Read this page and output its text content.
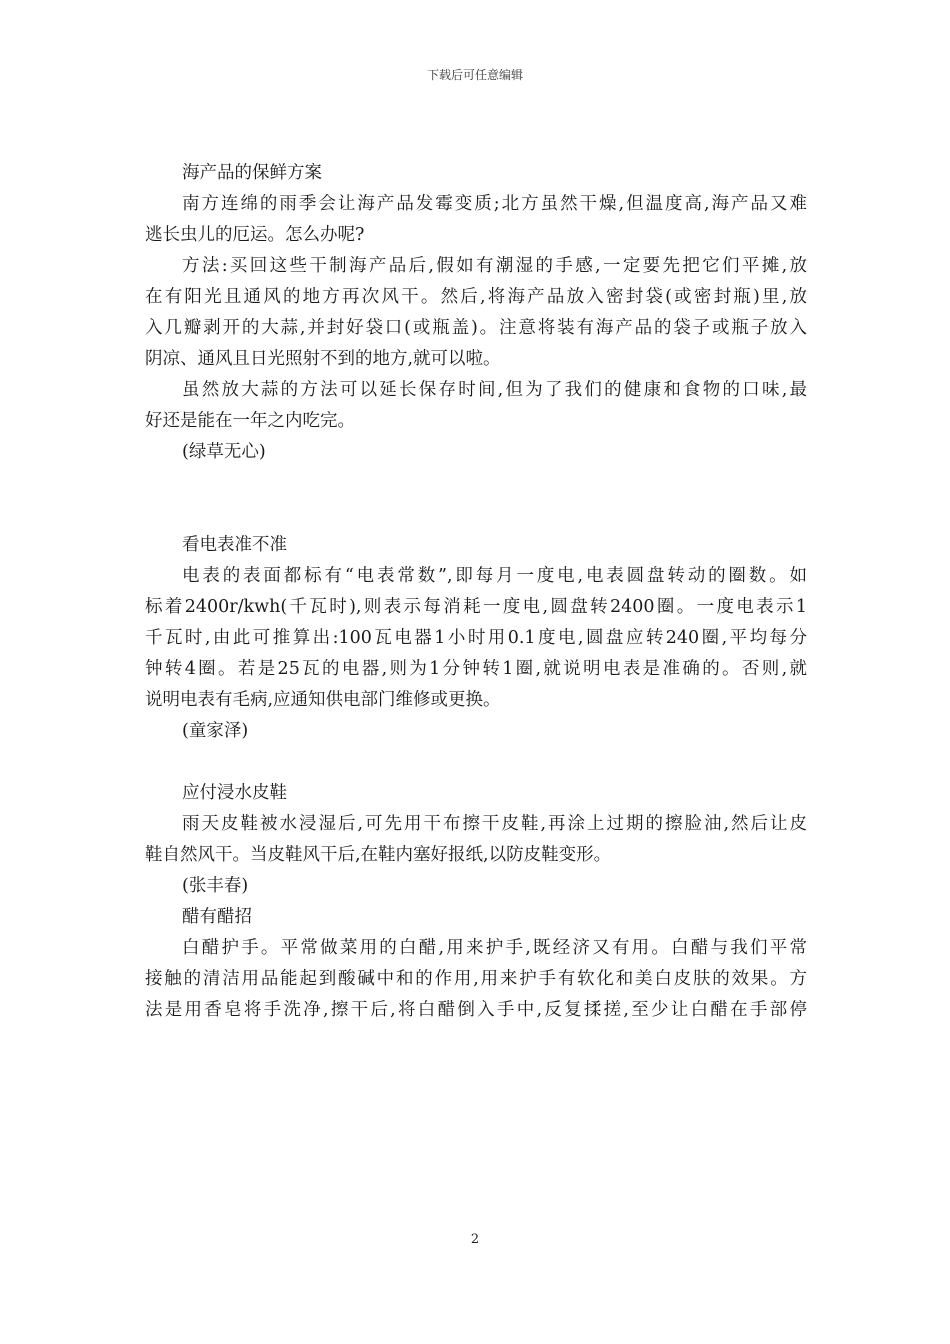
下载后可任意编辑
海产品的保鲜方案
南方连绵的雨季会让海产品发霉变质;北方虽然干燥,但温度高,海产品又难
逃长虫儿的厄运。怎么办呢?
方法:买回这些干制海产品后,假如有潮湿的手感,一定要先把它们平摊,放
在有阳光且通风的地方再次风干。然后,将海产品放入密封袋(或密封瓶)里,放
入几瓣剥开的大蒜,并封好袋口(或瓶盖)。注意将装有海产品的袋子或瓶子放入
阴凉、通风且日光照射不到的地方,就可以啦。
虽然放大蒜的方法可以延长保存时间,但为了我们的健康和食物的口味,最
好还是能在一年之内吃完。
(绿草无心)
看电表准不准
电表的表面都标有“电表常数”,即每月一度电,电表圆盘转动的圈数。如
标着2400r/kwh(千瓦时),则表示每消耗一度电,圆盘转2400圈。一度电表示1
千瓦时,由此可推算出:100瓦电器1小时用0.1度电,圆盘应转240圈,平均每分
钟转4圈。若是25瓦的电器,则为1分钟转1圈,就说明电表是准确的。否则,就
说明电表有毛病,应通知供电部门维修或更换。
(童家泽)
应付浸水皮鞋
雨天皮鞋被水浸湿后,可先用干布擦干皮鞋,再涂上过期的擦脸油,然后让皮
鞋自然风干。当皮鞋风干后,在鞋内塞好报纸,以防皮鞋变形。
(张丰春)
醋有醋招
白醋护手。平常做菜用的白醋,用来护手,既经济又有用。白醋与我们平常
接触的清洁用品能起到酸碱中和的作用,用来护手有软化和美白皮肤的效果。方
法是用香皂将手洗净,擦干后,将白醋倒入手中,反复揉搓,至少让白醋在手部停
2
